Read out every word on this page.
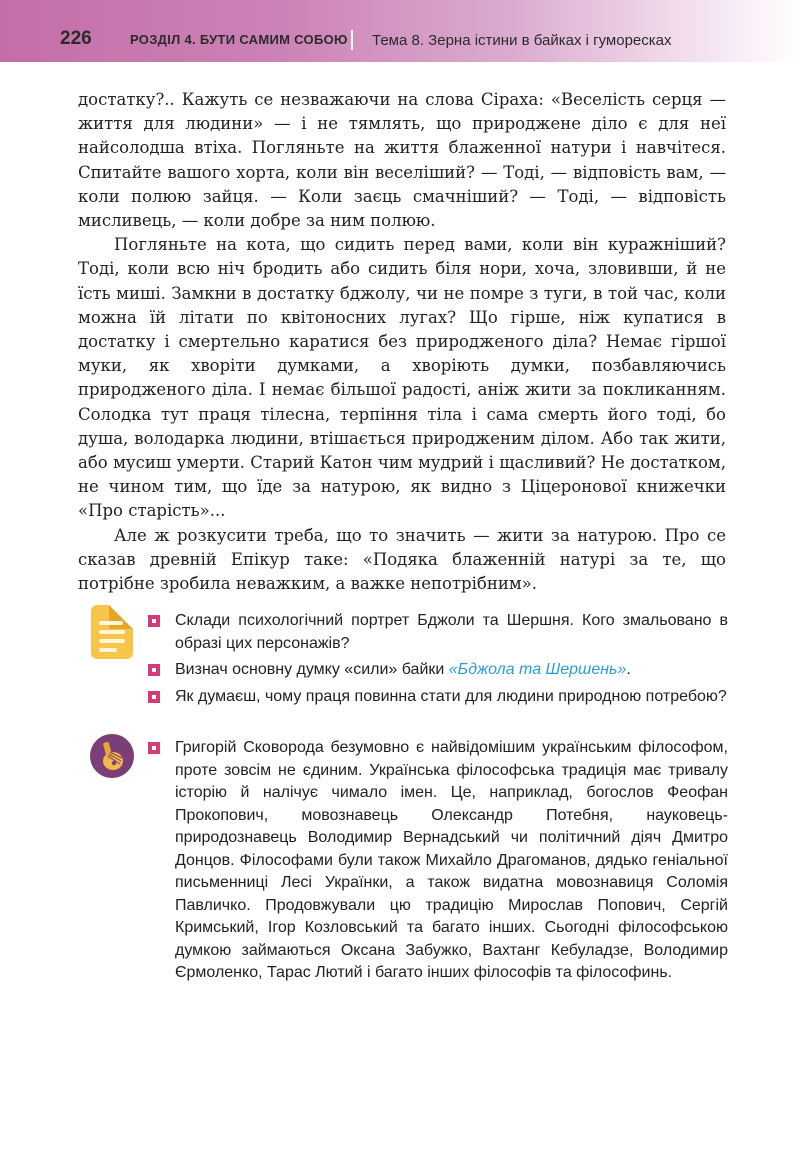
226	РОЗДІЛ 4. БУТИ САМИМ СОБОЮ Тема 8. Зерна істини в байках і гуморесках

достатку?.. Кажуть се незважаючи на слова Сіраха: «Веселість серця — життя для людини» — і не тямлять, що природжене діло є для неї найсолодша втіха. Погляньте на життя блаженної натури і навчітеся. Спитайте вашого хорта, коли він веселіший? — Тоді, — відповість вам, — коли полюю зайця. — Коли заєць смачніший? — Тоді, — відповість мисливець, — коли добре за ним полюю.

Погляньте на кота, що сидить перед вами, коли він куражніший? Тоді, коли всю ніч бродить або сидить біля нори, хоча, зловивши, й не їсть миші. Замкни в достатку бджолу, чи не помре з туги, в той час, коли можна їй літати по квітоносних лугах? Що гірше, ніж купатися в достатку і смертельно каратися без природженого діла? Немає гіршої муки, як хворіти думками, а хворіють думки, позбавляючись природженого діла. І немає більшої радості, аніж жити за покликанням. Солодка тут праця тілесна, терпіння тіла і сама смерть його тоді, бо душа, володарка людини, втішається природженим ділом. Або так жити, або мусиш умерти. Старий Катон чим мудрий і щасливий? Не достатком, не чином тим, що їде за натурою, як видно з Ціцеронової книжечки «Про старість»...

Але ж розкусити треба, що то значить — жити за натурою. Про се сказав древній Епікур таке: «Подяка блаженній натурі за те, що потрібне зробила неважким, а важке непотрібним».

Склади психологічний портрет Бджоли та Шершня. Кого змальовано в образі цих персонажів?
Визнач основну думку «сили» байки «Бджола та Шершень».
Як думаєш, чому праця повинна стати для людини природною потребою?
Григорій Сковорода безумовно є найвідомішим українським філософом, проте зовсім не єдиним. Українська філософська традиція має тривалу історію й налічує чимало імен. Це, наприклад, богослов Феофан Прокопович, мовознавець Олександр Потебня, науковець-природознавець Володимир Вернадський чи політичний діяч Дмитро Донцов. Філософами були також Михайло Драгоманов, дядько геніальної письменниці Лесі Українки, а також видатна мовознавиця Соломія Павличко. Продовжували цю традицію Мирослав Попович, Сергій Кримський, Ігор Козловський та багато інших. Сьогодні філософською думкою займаються Оксана Забужко, Вахтанг Кебуладзе, Володимир Єрмоленко, Тарас Лютий і багато інших філософів та філософинь.
